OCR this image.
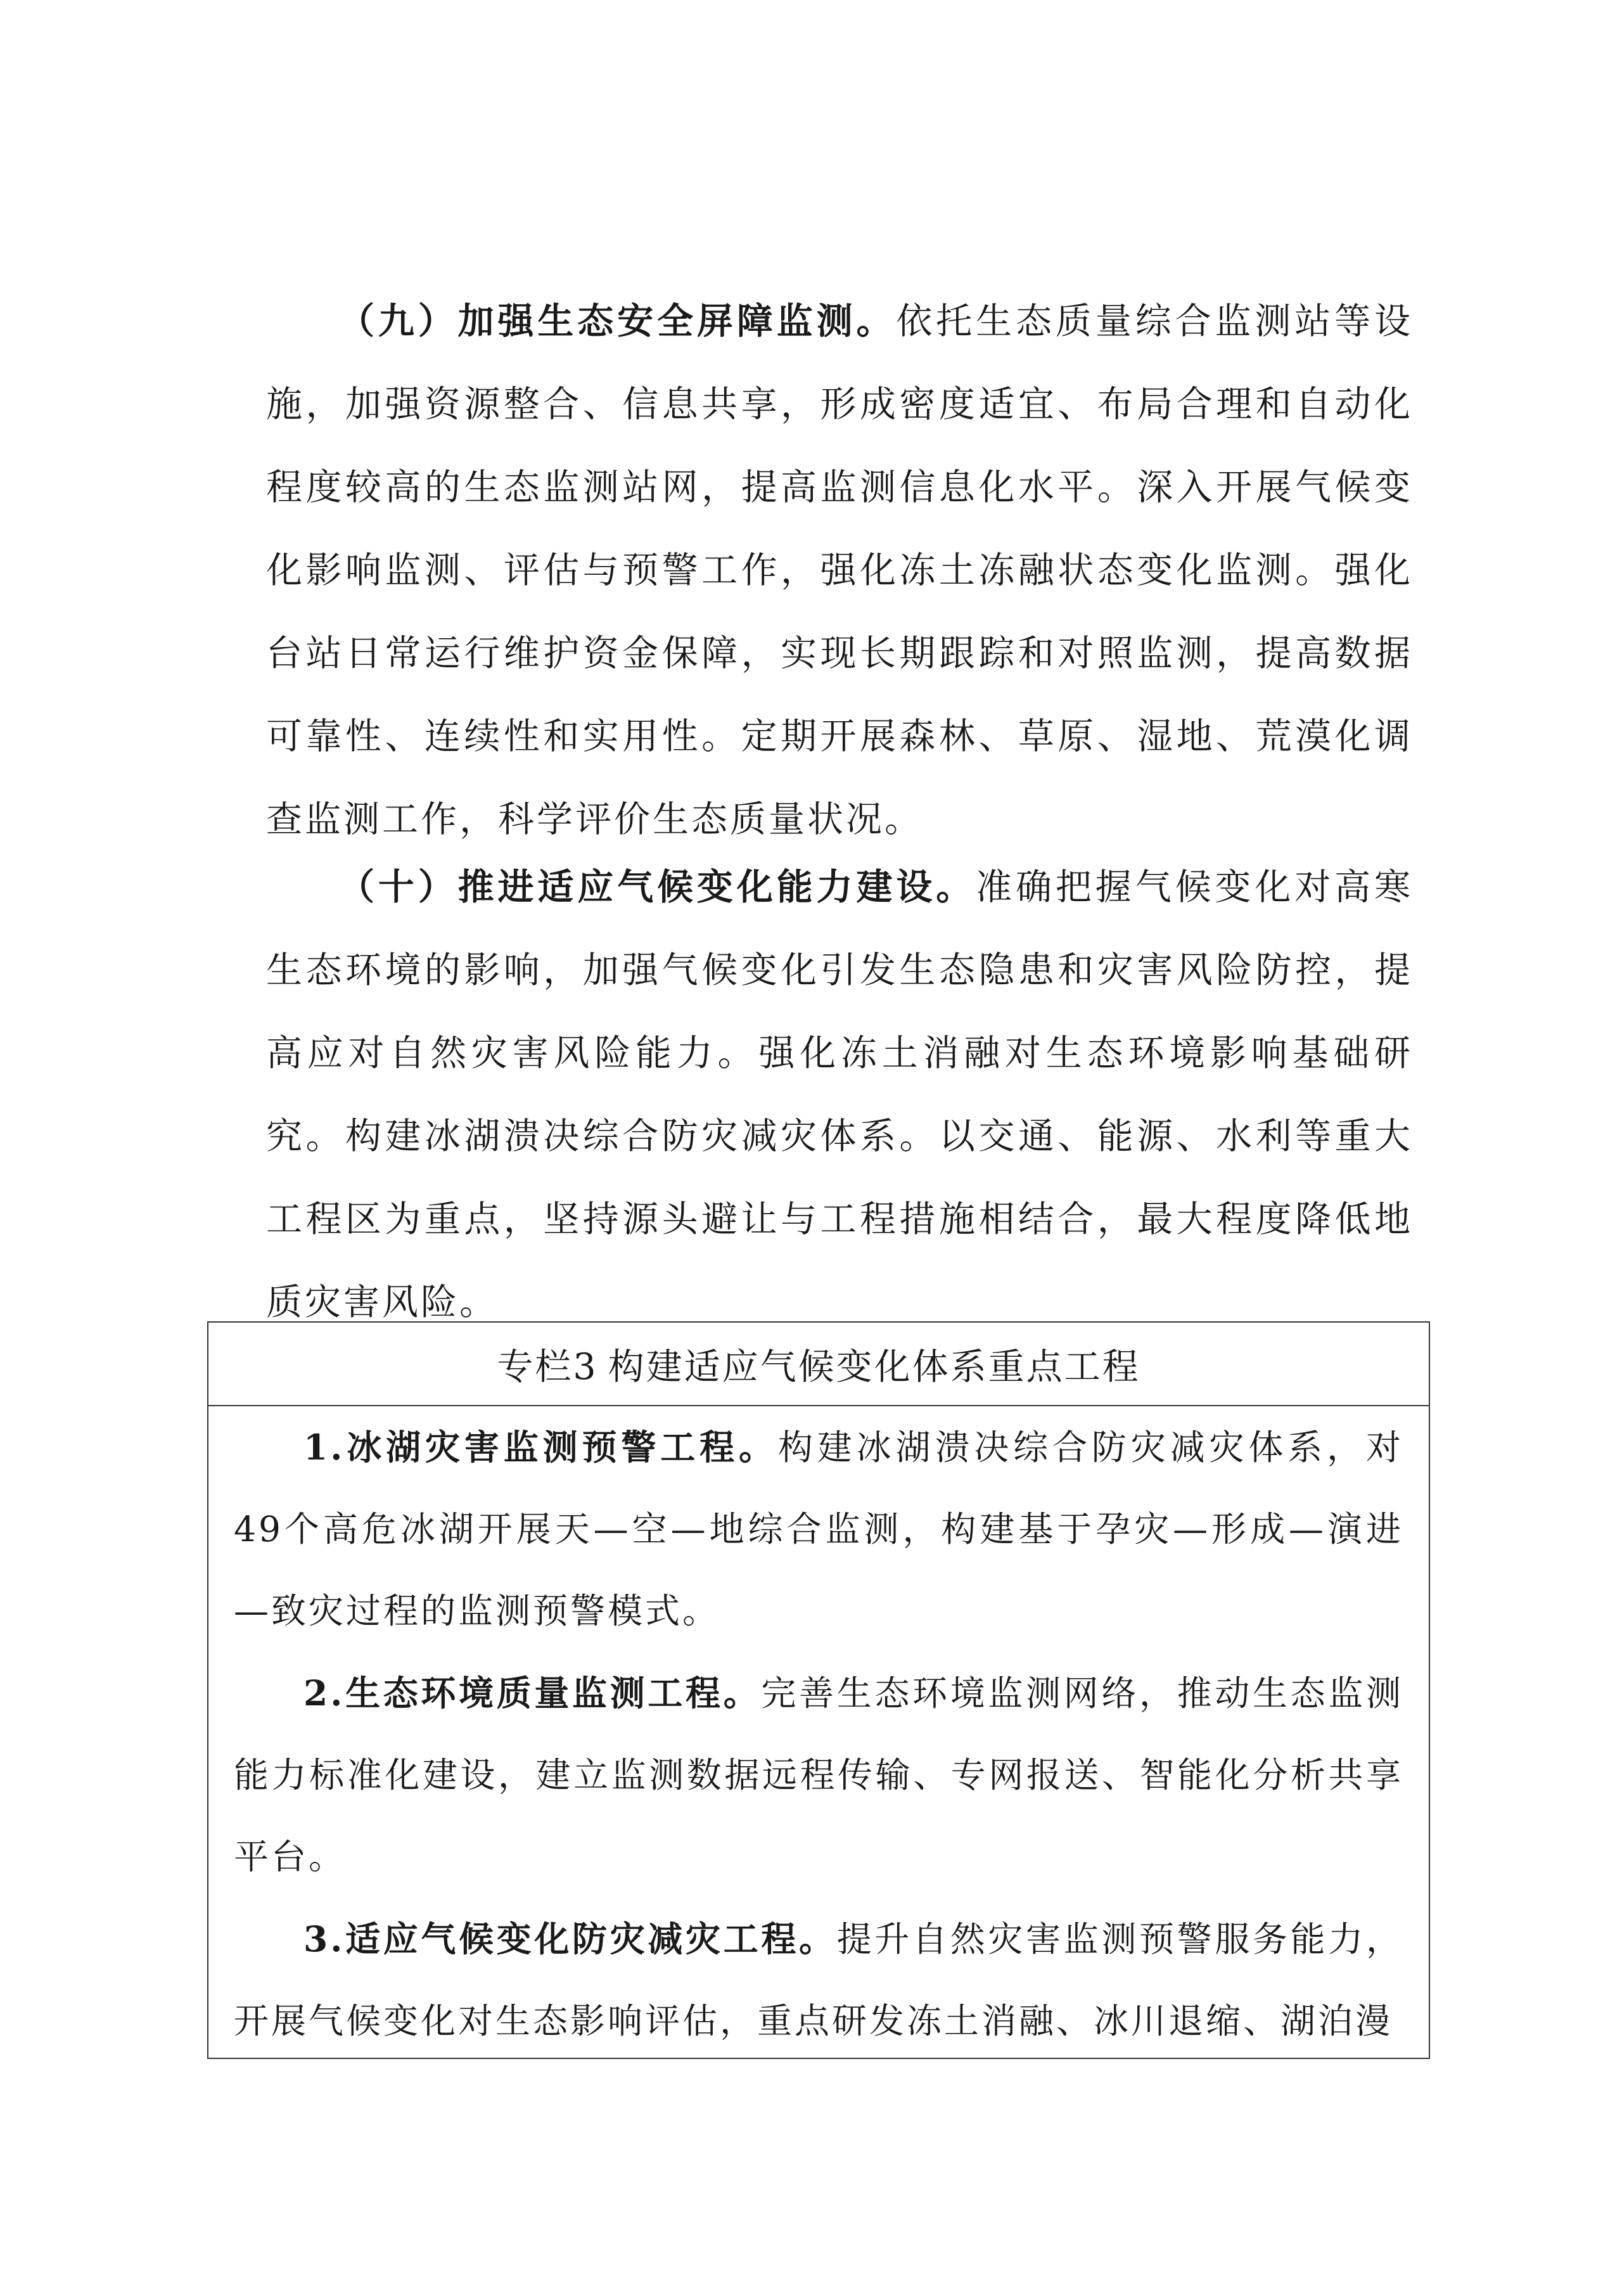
（九）加强生态安全屏障监测。依托生态质量综合监测站等设施，加强资源整合、信息共享，形成密度适宜、布局合理和自动化程度较高的生态监测站网，提高监测信息化水平。深入开展气候变化影响监测、评估与预警工作，强化冻土冻融状态变化监测。强化台站日常运行维护资金保障，实现长期跟踪和对照监测，提高数据可靠性、连续性和实用性。定期开展森林、草原、湿地、荒漠化调查监测工作，科学评价生态质量状况。

（十）推进适应气候变化能力建设。准确把握气候变化对高寒生态环境的影响，加强气候变化引发生态隐患和灾害风险防控，提高应对自然灾害风险能力。强化冻土消融对生态环境影响基础研究。构建冰湖溃决综合防灾减灾体系。以交通、能源、水利等重大工程区为重点，坚持源头避让与工程措施相结合，最大程度降低地质灾害风险。

专栏3 构建适应气候变化体系重点工程

1.冰湖灾害监测预警工程。构建冰湖溃决综合防灾减灾体系，对49个高危冰湖开展天—空—地综合监测，构建基于孕灾—形成—演进—致灾过程的监测预警模式。

2.生态环境质量监测工程。完善生态环境监测网络，推动生态监测能力标准化建设，建立监测数据远程传输、专网报送、智能化分析共享平台。

3.适应气候变化防灾减灾工程。提升自然灾害监测预警服务能力，开展气候变化对生态影响评估，重点研发冻土消融、冰川退缩、湖泊漫
